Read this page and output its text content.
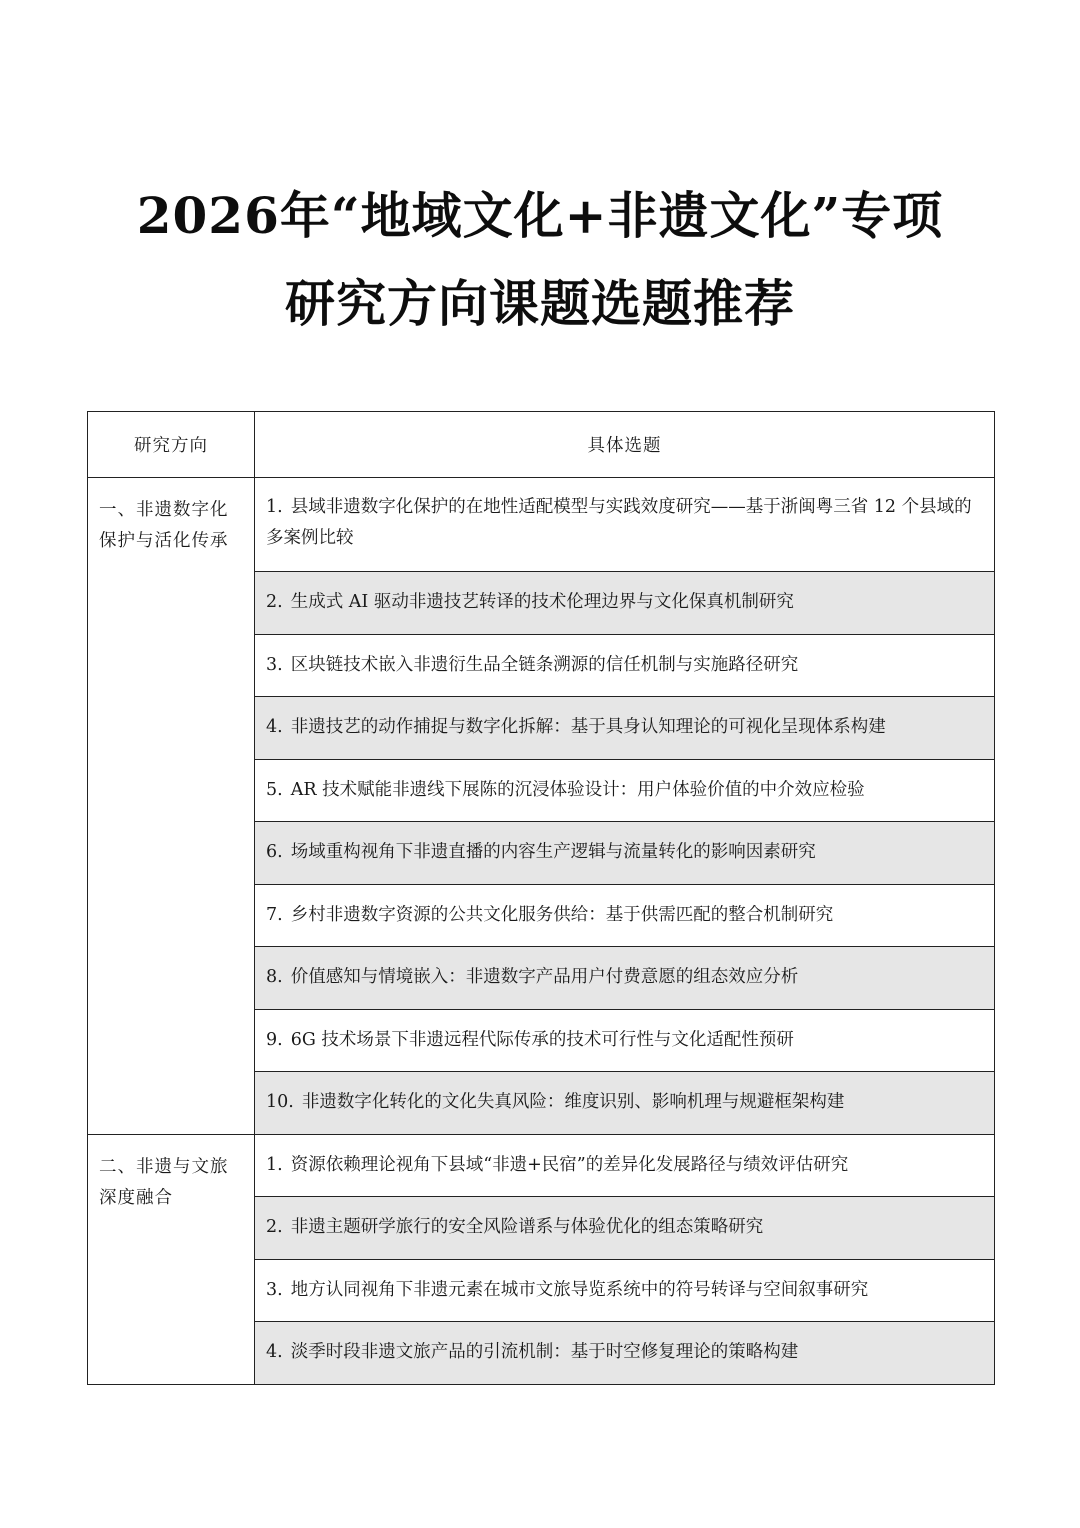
2026年“地域文化+非遗文化”专项
研究方向课题选题推荐
研究方向	具体选题
一、非遗数字化保护与活化传承	1. 县域非遗数字化保护的在地性适配模型与实践效度研究——基于浙闽粤三省 12 个县域的多案例比较
	2. 生成式 AI 驱动非遗技艺转译的技术伦理边界与文化保真机制研究
	3. 区块链技术嵌入非遗衍生品全链条溯源的信任机制与实施路径研究
	4. 非遗技艺的动作捕捉与数字化拆解：基于具身认知理论的可视化呈现体系构建
	5. AR 技术赋能非遗线下展陈的沉浸体验设计：用户体验价值的中介效应检验
	6. 场域重构视角下非遗直播的内容生产逻辑与流量转化的影响因素研究
	7. 乡村非遗数字资源的公共文化服务供给：基于供需匹配的整合机制研究
	8. 价值感知与情境嵌入：非遗数字产品用户付费意愿的组态效应分析
	9. 6G 技术场景下非遗远程代际传承的技术可行性与文化适配性预研
	10. 非遗数字化转化的文化失真风险：维度识别、影响机理与规避框架构建
二、非遗与文旅深度融合	1. 资源依赖理论视角下县域“非遗+民宿”的差异化发展路径与绩效评估研究
	2. 非遗主题研学旅行的安全风险谱系与体验优化的组态策略研究
	3. 地方认同视角下非遗元素在城市文旅导览系统中的符号转译与空间叙事研究
	4. 淡季时段非遗文旅产品的引流机制：基于时空修复理论的策略构建
